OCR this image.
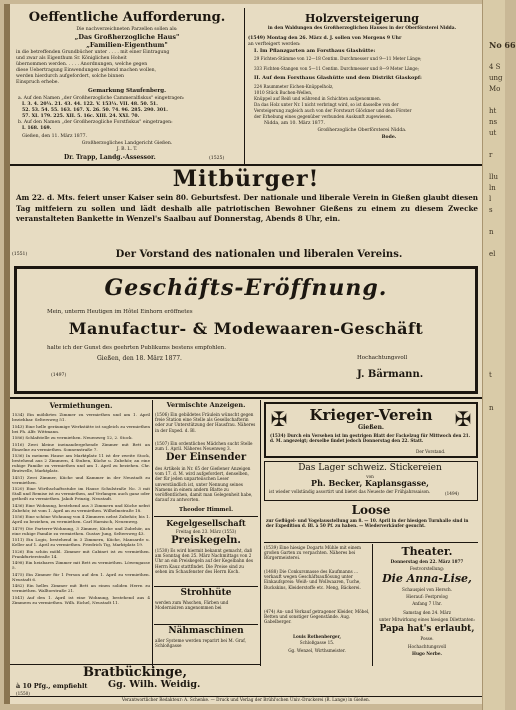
Oeffentliche Aufforderung.
Die nachverzeichneten Parzellen sollen als:
„Das Großherzogliche Haus"
„Familien-Eigenthum"
in die betreffenden Grundbücher unter . . . . mit einer Eintragung
und zwar als Eigenthum Sr. Königlichen Hoheit
übernommen werden. . . . . Anordnungen, welche gegen
diese Uebertragung Einwendungen geltend machen wollen,
werden hierdurch aufgefordert, solche binnen
Einspruch erhebe.
Gemarkung Staufenberg.
a. Auf den Namen „der Großherzogliche Cammeralfiskus" eingetragen:
I. 3. 4. 20¼. 21. 43. 44. 122. V. 153¼. VII. 48. 50. 51.
52. 53. 54. 55. 163. 167. X. 26. 50. 74. 96. 285. 290. 301.
57. XI. 179. 225. XII. 5. 16c. XIII. 24. XXI. 70.
b. Auf den Namen „der Großherzogliche Forstfiskus" eingetragen:
I. 168. 169.
Gießen, den 11. März 1877.
Großherzogliches Landgericht Gießen.
J. B. L. T.
Dr. Trapp, Landg.-Assessor.	(1525)
Holzversteigerung
in den Waldungen des Großherzoglichen Hauses in der Oberförsterei Nidda.
(1549) Montag den 26. März d. J. sollen von Morgens 9 Uhr
an verfteigert werden:
I. Im Pflanzgarten am Forsthaus Glashütte:
29 Fichten-Stämme von 12—18 Centim. Durchmesser und 9—11 Meter Länge;
333 Fichten-Stangen von 5—11 Centim. Durchmesser und 8—9 Meter Länge;
II. Auf dem Forsthaus Glashütte und dem Distrikt Glaskopf:
224 Raummeter Eichen-Knüppelholz,
1010 Stück Buchen-Wellen,
Knüppel auf Reiß und während in Schichten aufgenommen.
Da das Holz unter Nr. I nicht verbringt wird, so ist dasselbe von der
Versteigerung zugleich auch von der Forstwart Glöckner und dem Förster
der Erhebung eines gegenüber verbunden Auskunft zugewiesen.
Nidda, am 10. März 1877.
Großherzogliche Oberförsterei Nidda.
Bode.
Mitbürger!
Am 22. d. Mts. feiert unser Kaiser sein 80. Geburtsfest. Der nationale und liberale Verein in Gießen glaubt diesen Tag mitfeiern zu sollen und lädt deshalb alle patriotischen Bewohner Gießens zu einem zu diesem Zwecke veranstalteten Bankette in Wenzel's Saalbau auf Donnerstag, Abends 8 Uhr, ein.
(1551)	Der Vorstand des nationalen und liberalen Vereins.
Geschäfts-Eröffnung.
Mein, unterm Heutigen im Hôtel Einhorn eröffnetes
Manufactur- & Modewaaren-Geschäft
halte ich der Gunst des geehrten Publikums bestens empfohlen.
Gießen, den 18. März 1877.	Hochachtungsvoll
(1497)	J. Bärmann.
Vermiethungen.
1534) Ein möblirtes Zimmer zu vermiethen und am 1. April beziehbar. Seltersweg 51.
1543) Eine helle geräumige Werkstätte ist sogleich zu vermiethen bei Ph. Alfr. Wittmann.
1586) Schlafstelle zu vermiethen. Neuenweg 12, 2. Stock.
1516) Zwei kleine ineinandergehende Zimmer mit Bett an Einzelne zu vermiethen. Sonnenstraße 7.
1536) In meinem Hause am Marktplatz 11 ist der zweite Stock, bestehend aus 2 Zimmern, 4 Stuben, Küche u. Zubehör, an eine ruhige Familie zu vermiethen und am 1. April zu beziehen. Chr. Bratwelle, Marktplatz.
1451) Zwei Zimmer, Küche und Kammer in der Neustadt zu vermiethen.
1520) Eine Wirthschaftsstube im Hause Schulstraße No. 3 mit Stall und Remise ist zu vermiethen, auf Verlangen auch ganz oder getheilt zu vermiethen. Jakob Prinzig, Neustadt.
1436) Eine Wohnung, bestehend aus 3 Zimmern und Küche nebst Zubehör, ist vom 1. April an zu vermiethen. Wilhelmstraße 18.
1556) Eine schöne Wohnung von 4 Zimmern nebst Zubehör, bis 1. April zu beziehen, zu vermiethen. Carl Harnisch, Neuenweg.
1479) Die Parterre-Wohnung, 3 Zimmer, Küche und Zubehör, an eine ruhige Familie zu vermiethen. Gustav Jung, Seltersweg 43.
1511) Ein Logis, bestehend in 3 Zimmern, Küche, Mansarde u. Keller auf 1. April zu vermiethen. Friedrich Tig, Marktplatz 19.
1526) Ein schön möbl. Zimmer mit Cabinet ist zu vermiethen. Frankfurterstraße 14.
1498) Ein heizbares Zimmer mit Bett zu vermiethen. Löwengasse 5.
1475) Ein Zimmer für 1 Person auf den 1. April zu vermiethen. Neustadt 6.
1482) Ein helles Zimmer mit Bett an einen soliden Herrn zu vermiethen. Walltorstraße 21.
1541) Auf den 1. April ist eine Wohnung, bestehend aus 4 Zimmern zu vermiethen. Wilh. Eichel, Neustadt 11.
Vermischte Anzeigen.
(1506) Ein gebildetes Fräulein wünscht gegen freie Station eine Stelle als Gesellschafterin oder zur Unterstützung der Hausfrau. Näheres in der Exped. d. Bl.
(1507) Ein ordentliches Mädchen sucht Stelle zum 1. April. Näheres Neuenweg 3.
Der Einsender
des Artikels in Nr. 65 der Gießener Anzeigen vom 17. d. M. wird aufgefordert, denselben, der für jeden unparteiischen Leser unverständlich ist, unter Nennung seines Namens in einem andern Blatte zu veröffentlichen, damit man Gelegenheit habe, darauf zu antworten.
Theodor Himmel.
Kegelgesellschaft
Freitag den 23. März (1553)
Preiskegeln.
(1530) Es wird hiermit bekannt gemacht, daß am Sonntag den 25. März Nachmittags von 2 Uhr an ein Preiskegeln auf der Kegelbahn des Herrn Kauz stattfindet. Die Preise sind zu sehen im Schaufenster des Herrn Koch.
Strohhüte
werden zum Waschen, Färben und Modernisiren angenommen bei
Nähmaschinen
aller Systeme werden reparirt bei M. Graf, Schloßgasse
✠	✠
Krieger-Verein
Gießen.
(1534) Durch ein Versehen ist im gestrigen Blatt der Fackelzug für Mittwoch den 21. d. M. angezeigt; derselbe findet jedoch Donnerstag den 22. Statt.
Der Vorstand.
Das Lager schweiz. Stickereien
von
Ph. Becker, Kaplansgasse,
ist wieder vollständig assortirt und bietet das Neueste der Frühjahrssaison.	(1494)
Loose
zur Geflügel- und Vogelausstellung am 8. — 10. April in der hiesigen Turnhalle sind in der Expedition d. Bl. à 50 Pf. zu haben. — Wiederverkäufer gesucht.
(1539) Eine hiesige Dogarts Mühle mit einem großen Garten zu verpachten. Näheres bei Bürgermeisterei.
(1488) Die Conkursmasse des Kaufmanns ... verkauft wegen Geschäftsauflösung unter Einkaufspreis: Weiß- und Wollwaaren, Tuche, Buckskins, Kleiderstoffe etc. Meng, Bäckerei.
(474) An- und Verkauf getragener Kleider, Möbel, Betten und sonstiger Gegenstände. Aug. Gabelberger.
Louis Rothenberger,
Schloßgasse 15.
Gg. Wenzel, Wirthsmeister.
Theater.
Donnerstag den 22. März 1877
Festvorstellung:
Die Anna-Lise,
Schauspiel von Hersch.
Hierauf: Festprolog
Anfang 7 Uhr.
Samstag den 24. März
unter Mitwirkung eines hiesigen Dilettanten:
Papa hat's erlaubt,
Posse.
Hochachtungsvoll
Hugo Nerbe.
Bratbückinge,
à 10 Pfg., empfiehlt	Gg. Wilh. Weidig.
(1550)
Verantwortlicher Redakteur: A. Schenke. — Druck und Verlag der Brühl'schen Univ.-Druckerei (R. Lange) in Gießen.
No 66

4 S
ung
Mo

ht
ns
ut

r

llu
ln
l
s

n

el

t

n
